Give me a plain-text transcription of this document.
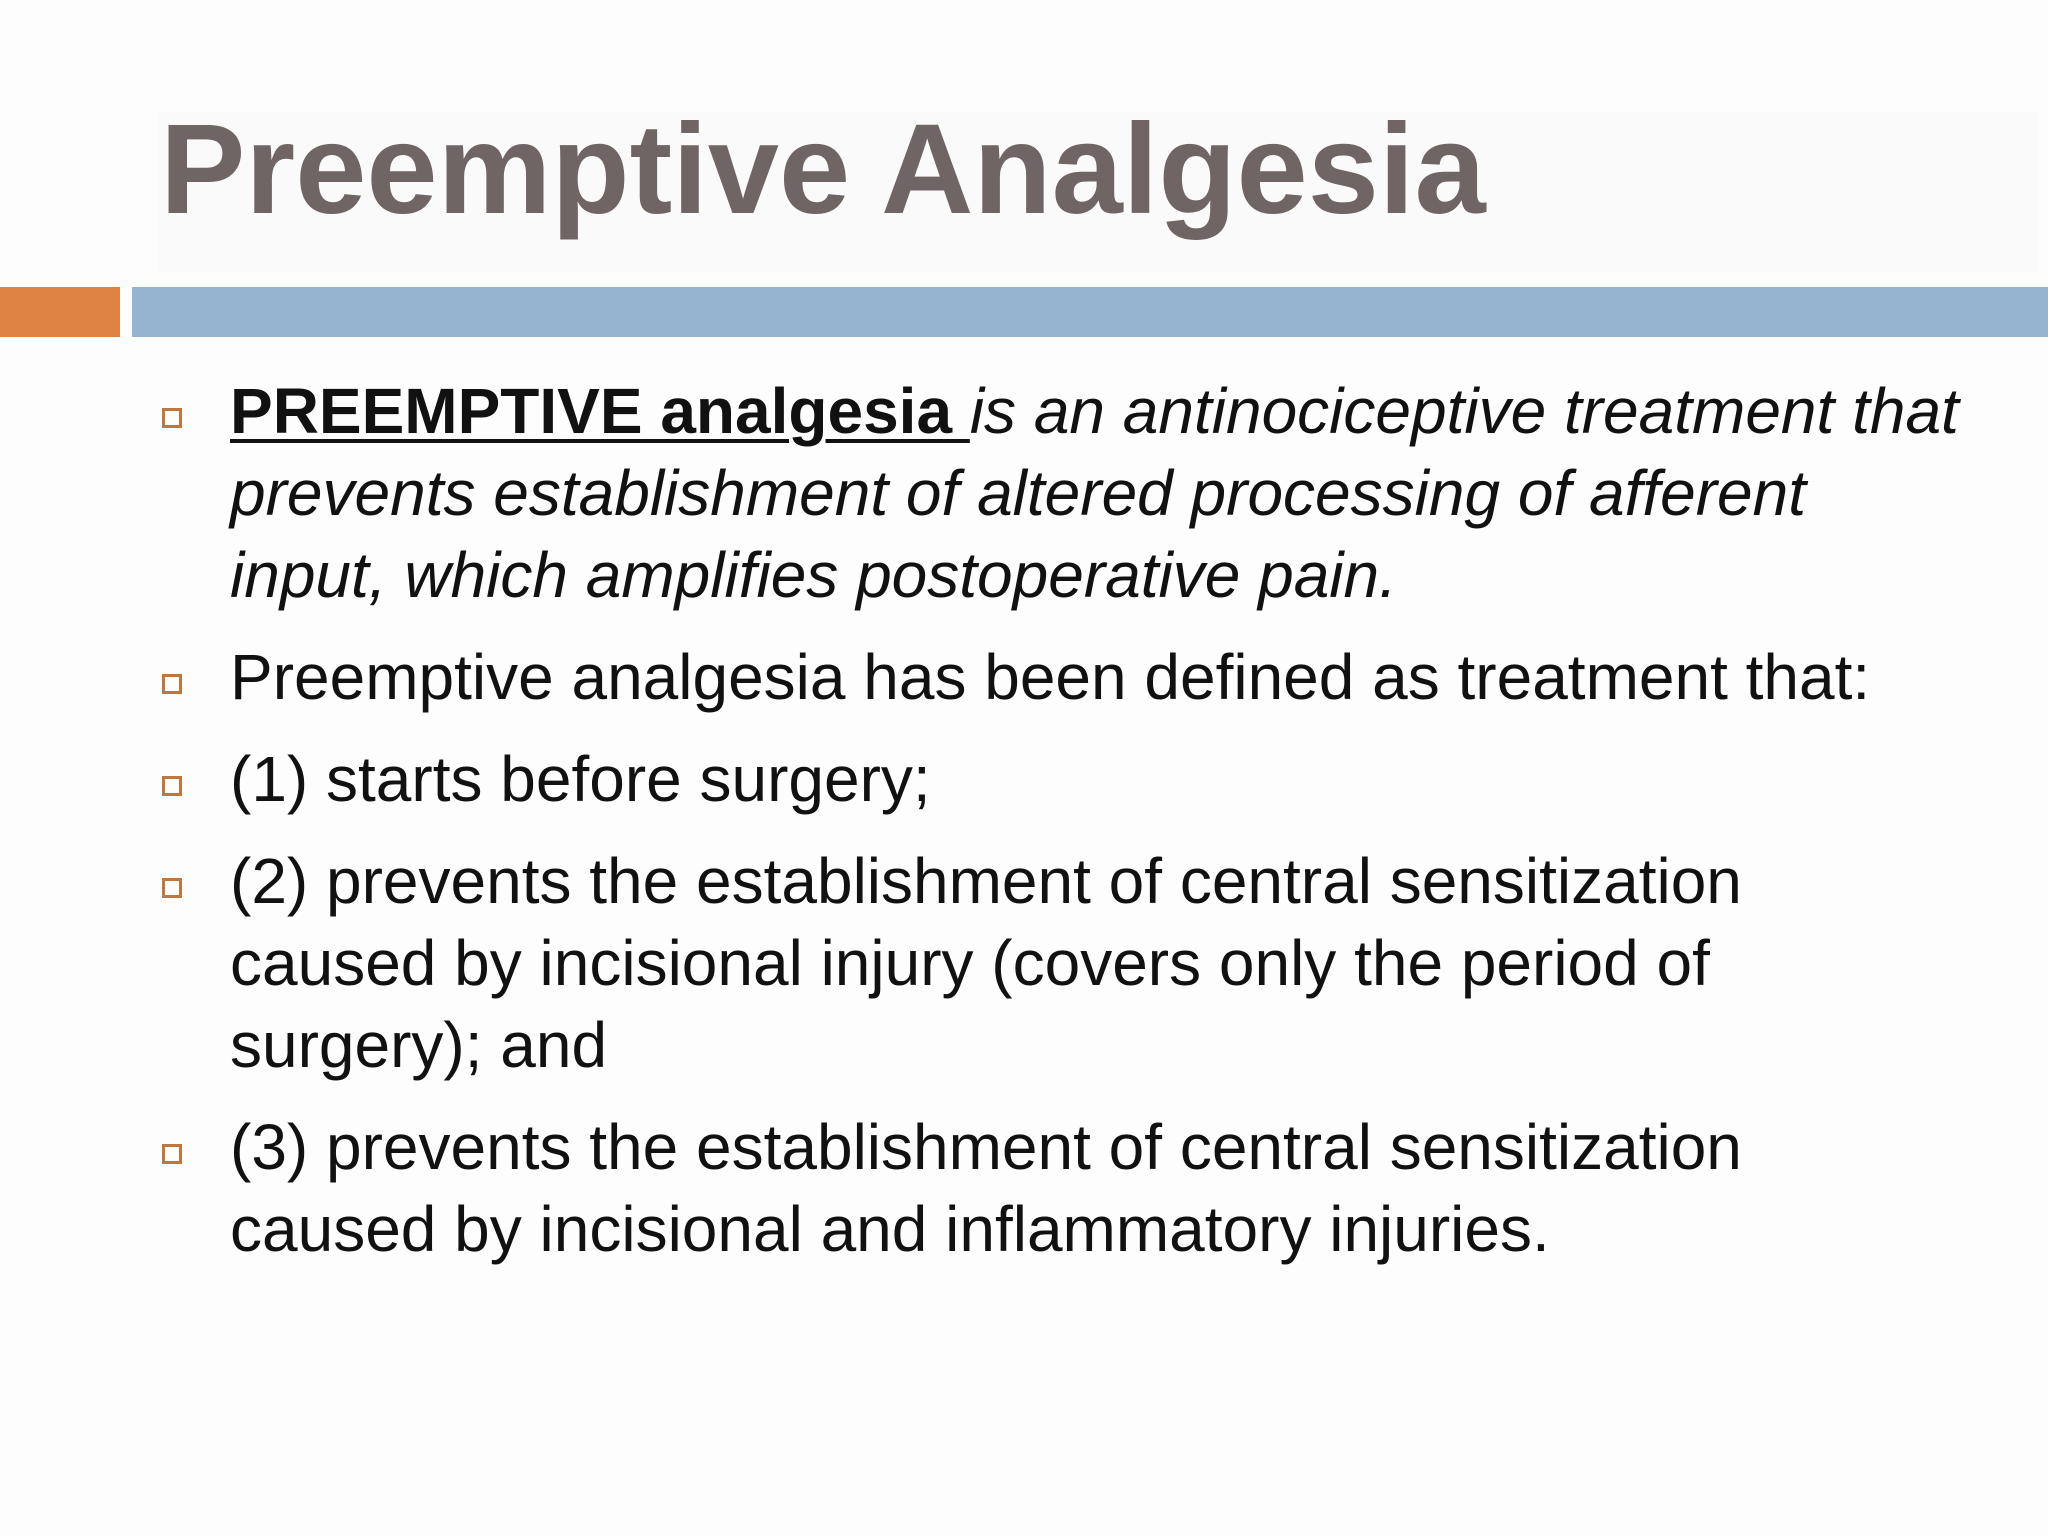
Preemptive Analgesia
PREEMPTIVE analgesia is an antinociceptive treatment that prevents establishment of altered processing of afferent input, which amplifies postoperative pain.
Preemptive analgesia has been defined as treatment that:
(1) starts before surgery;
(2) prevents the establishment of central sensitization caused by incisional injury (covers only the period of surgery); and
(3) prevents the establishment of central sensitization caused by incisional and inflammatory injuries.
